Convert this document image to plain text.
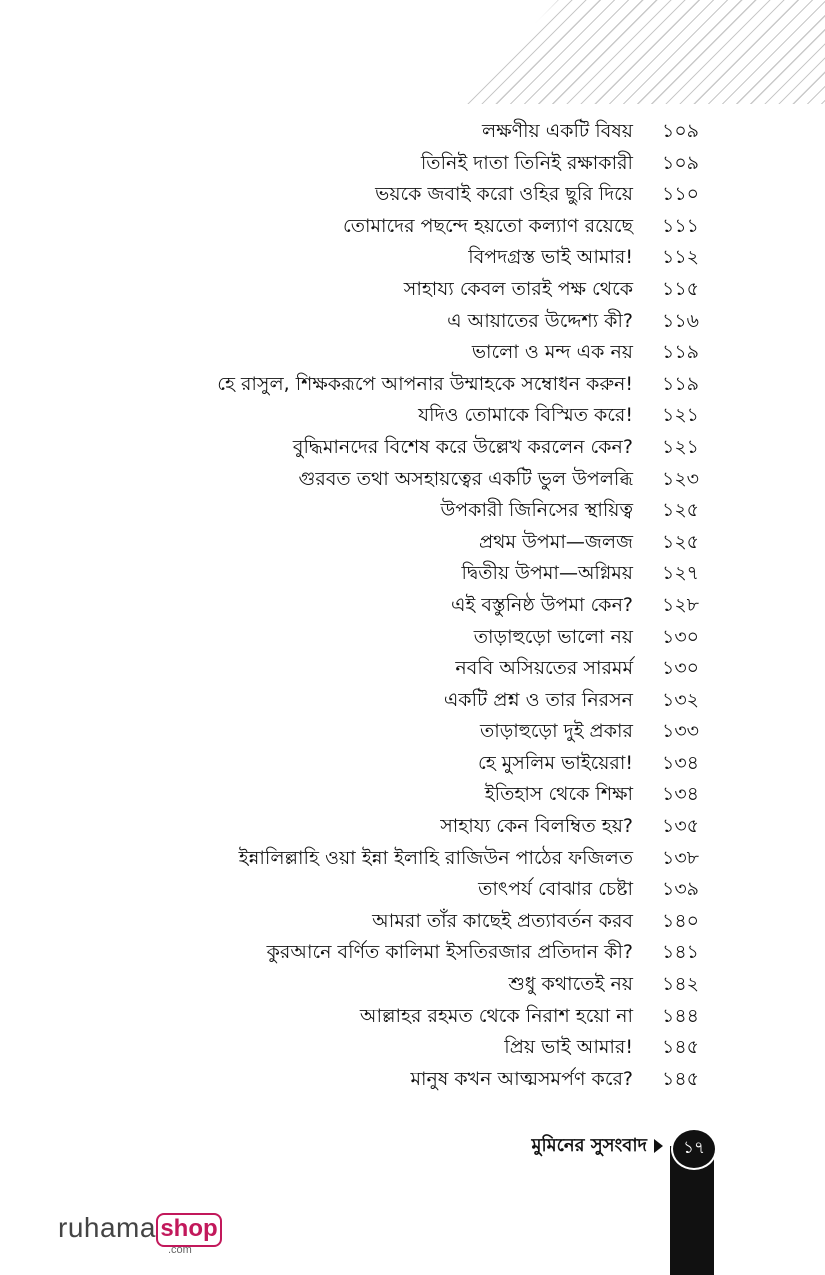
লক্ষণীয় একটি বিষয় ১০৯
তিনিই দাতা তিনিই রক্ষাকারী ১০৯
ভয়কে জবাই করো ওহির ছুরি দিয়ে ১১০
তোমাদের পছন্দে হয়তো কল্যাণ রয়েছে ১১১
বিপদগ্রস্ত ভাই আমার! ১১২
সাহায্য কেবল তারই পক্ষ থেকে ১১৫
এ আয়াতের উদ্দেশ্য কী? ১১৬
ভালো ও মন্দ এক নয় ১১৯
হে রাসুল, শিক্ষকরূপে আপনার উম্মাহকে সম্বোধন করুন! ১১৯
যদিও তোমাকে বিস্মিত করে! ১২১
বুদ্ধিমানদের বিশেষ করে উল্লেখ করলেন কেন? ১২১
গুরবত তথা অসহায়ত্বের একটি ভুল উপলব্ধি ১২৩
উপকারী জিনিসের স্থায়িত্ব ১২৫
প্রথম উপমা—জলজ ১২৫
দ্বিতীয় উপমা—অগ্নিময় ১২৭
এই বস্তুনিষ্ঠ উপমা কেন? ১২৮
তাড়াহুড়ো ভালো নয় ১৩০
নববি অসিয়তের সারমর্ম ১৩০
একটি প্রশ্ন ও তার নিরসন ১৩২
তাড়াহুড়ো দুই প্রকার ১৩৩
হে মুসলিম ভাইয়েরা! ১৩৪
ইতিহাস থেকে শিক্ষা ১৩৪
সাহায্য কেন বিলম্বিত হয়? ১৩৫
ইন্নালিল্লাহি ওয়া ইন্না ইলাহি রাজিউন পাঠের ফজিলত ১৩৮
তাৎপর্য বোঝার চেষ্টা ১৩৯
আমরা তাঁর কাছেই প্রত্যাবর্তন করব ১৪০
কুরআনে বর্ণিত কালিমা ইসতিরজার প্রতিদান কী? ১৪১
শুধু কথাতেই নয় ১৪২
আল্লাহর রহমত থেকে নিরাশ হয়ো না ১৪৪
প্রিয় ভাই আমার! ১৪৫
মানুষ কখন আত্মসমর্পণ করে? ১৪৫
মুমিনের সুসংবাদ	১৭
ruhama shop
.com
